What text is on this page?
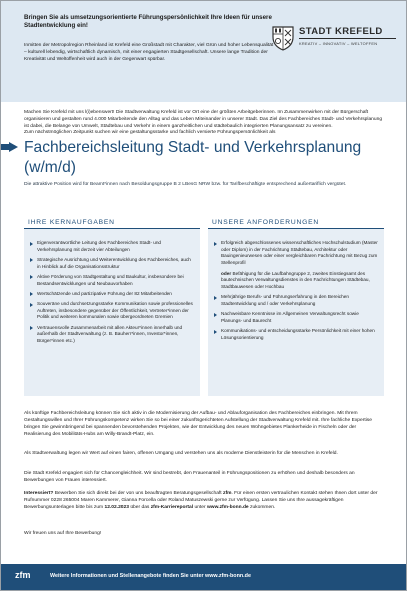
Bringen Sie als umsetzungsorientierte Führungspersönlichkeit Ihre Ideen für unsere Stadtentwicklung ein!
Inmitten der Metropolregion Rheinland ist Krefeld eine Großstadt mit Charakter, viel Grün und hoher Lebensqualität – kulturell lebendig, wirtschaftlich dynamisch, mit einer engagierten Stadtgesellschaft. Unsere lange Tradition der Kreativität und Weltoffenheit wird auch in der Gegenwart spürbar.
STADT KREFELD
KREATIV – INNOVATIV – WELTOFFEN
Machen Sie Krefeld mit uns l(i)ebenswert! Die Stadtverwaltung Krefeld ist vor Ort eine der größten Arbeitgeberinnen. Im Zusammenwirken mit der Bürgerschaft organisieren und gestalten rund 4.000 Mitarbeitende den Alltag und das Leben Miteinander in unserer Stadt. Das Ziel des Fachbereiches Stadt- und Verkehrsplanung ist dabei, die Belange von Umwelt, Städtebau und Verkehr in einem ganzheitlichen und städtebaulich integrierten Planungsansatz zu vereinen.
Zum nächstmöglichen Zeitpunkt suchen wir eine gestaltungsstarke und fachlich versierte Führungspersönlichkeit als
Fachbereichsleitung Stadt- und Verkehrsplanung (w/m/d)
Die attraktive Position wird für Beamt*innen nach Besoldungsgruppe B 2 LBesG NRW bzw. für Tarifbeschäftigte entsprechend außertariflich vergütet.
IHRE KERNAUFGABEN
Eigenverantwortliche Leitung des Fachbereiches Stadt- und Verkehrsplanung mit derzeit vier Abteilungen
Strategische Ausrichtung und Weiterentwicklung des Fachbereiches, auch in Hinblick auf die Organisationsstruktur
Aktive Förderung von Stadtgestaltung und Baukultur, insbesondere bei Bestandsentwicklungen und Neubauvorhaben
Wertschätzende und partizipative Führung der 82 Mitarbeitenden
Souveräne und durchsetzungsstarke Kommunikation sowie professionelles Auftreten, insbesondere gegenüber der Öffentlichkeit, Vertreter*innen der Politik und weiteren kommunalen sowie übergeordneten Gremien
Vertrauensvolle Zusammenarbeit mit allen Akteur*innen innerhalb und außerhalb der Stadtverwaltung (z. B. Bauherr*innen, Investor*innen, Bürger*innen etc.)
UNSERE ANFORDERUNGEN
Erfolgreich abgeschlossenes wissenschaftliches Hochschulstudium (Master oder Diplom) in der Fachrichtung Städtebau, Architektur oder Bauingenieurwesen oder einer vergleichbaren Fachrichtung mit Bezug zum Stellenprofil
oder Befähigung für die Laufbahngruppe 2, zweites Einstiegsamt des bautechnischen Verwaltungsdienstes in den Fachrichtungen Städtebau, Stadtbauwesen oder Hochbau
Mehrjährige Berufs- und Führungserfahrung in den Bereichen Stadtentwicklung und / oder Verkehrsplanung
Nachweisbare Kenntnisse im Allgemeinen Verwaltungsrecht sowie Planungs- und Baurecht
Kommunikations- und entscheidungsstarke Persönlichkeit mit einer hohen Lösungsorientierung
Als künftige Fachbereichsleitung können Sie sich aktiv in die Modernisierung der Aufbau- und Ablauforganisation des Fachbereiches einbringen. Mit Ihrem Gestaltungswillen und Ihrer Führungskompetenz wirken Sie so bei einer zukunftsgerichteten Aufstellung der Stadtverwaltung Krefeld mit. Ihre fachliche Expertise bringen Sie gewinnbringend bei spannenden bevorstehenden Projekten, wie der Entwicklung des neuen Wohngebietes Plankerheide in Fischeln oder der Realisierung des Mobilitäts-Hubs am Willy-Brandt-Platz, ein.
Als Stadtverwaltung legen wir Wert auf einen fairen, offenen Umgang und verstehen uns als moderne Dienstleisterin für die Menschen in Krefeld.
Die Stadt Krefeld engagiert sich für Chancengleichheit. Wir sind bestrebt, den Frauenanteil in Führungspositionen zu erhöhen und deshalb besonders an Bewerbungen von Frauen interessiert.
Interessiert? Bewerben Sie sich direkt bei der von uns beauftragten Beratungsgesellschaft zfm. Für einen ersten vertraulichen Kontakt stehen Ihnen dort unter der Rufnummer 0228 265004 Maren Kammerer, Gianna Forcella oder Roland Matuszewski gerne zur Verfügung. Lassen Sie uns Ihre aussagekräftigen Bewerbungsunterlagen bitte bis zum 12.02.2023 über das zfm-Karriereportal unter www.zfm-bonn.de zukommen.
Wir freuen uns auf Ihre Bewerbung!
zfm	Weitere Informationen und Stellenangebote finden Sie unter www.zfm-bonn.de
